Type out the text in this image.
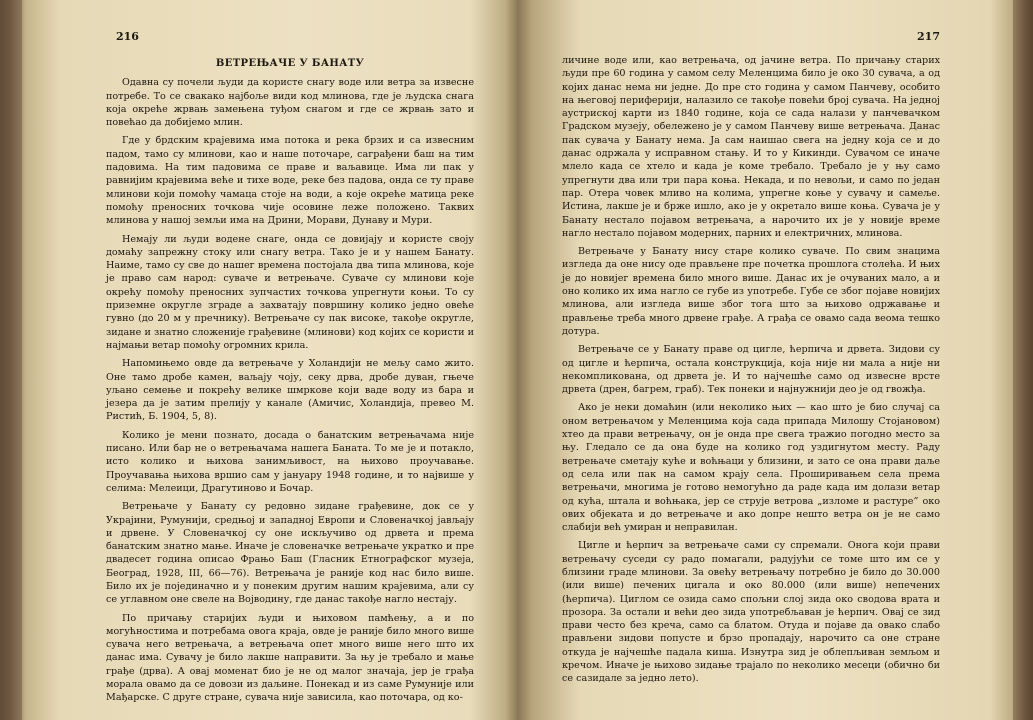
216
ВЕТРЕЊАЧЕ У БАНАТУ

Одавна су почели људи да користе снагу воде или ветра за извесне потребе. То се свакако најбоље види код млинова, где је људска снага која окреће жрвањ замењена туђом снагом и где се жрвањ зато и повећао да добијемо млин.

Где у брдским крајевима има потока и река брзих и са извесним падом, тамо су млинови, као и наше поточаре, саграђени баш на тим падовима. На тим падовима се праве и ваљавице. Има ли пак у равнијим крајевима веће и тихе воде, реке без падова, онда се ту праве млинови који помоћу чамаца стоје на води, а које окреће матица реке помоћу преносних точкова чије осовине леже положено. Таквих млинова у нашој земљи има на Дрини, Морави, Дунаву и Мури.

Немају ли људи водене снаге, онда се довијају и користе своју домаћу запрежну стоку или снагу ветра. Тако је и у нашем Банату. Наиме, тамо су све до нашег времена постојала два типа млинова, које је право сам народ: суваче и ветрењаче. Суваче су млинови које окрећу помоћу преносних зупчастих точкова упрегнути коњи. То су приземне округле зграде а захватају површину колико једно овеће гувно (до 20 м у пречнику). Ветрењаче су пак високе, такође округле, зидане и знатно сложеније грађевине (млинови) код којих се користи и најмањи ветар помоћу огромних крила.

Напомињемо овде да ветрењаче у Холандији не мељу само жито. Оне тамо дробе камен, ваљају чоју, секу дрва, дробе дуван, гњече уљано семење и покрећу велике шмркове који ваде воду из бара и језера да је затим прелију у канале (Амичис, Холандија, превео М. Ристић, Б. 1904, 5, 8).

Колико је мени познато, досада о банатским ветрењачама није писано. Или бар не о ветрењачама нашега Баната. То ме је и потакло, исто колико и њихова занимљивост, на њихово проучавање. Проучавања њихова вршио сам у јануару 1948 године, и то највише у селима: Мелеици, Драгутиново и Бочар.

Ветрењаче у Банату су редовно зидане грађевине, док се у Украјини, Румунији, средњој и западној Европи и Словеначкој јављају и дрвене. У Словеначкој су оне искључиво од дрвета и према банатским знатно мање. Иначе је словеначке ветрењаче укратко и пре двадесет година описао Фрањо Баш (Гласник Етнографског музеја, Београд, 1928, III, 66—76). Ветрењача је раније код нас било више. Било их је појединачно и у понеким другим нашим крајевима, али су се углавном оне свеле на Војводину, где данас такође нагло нестају.

По причању старијих људи и њиховом памћењу, а и по могућностима и потребама овога краја, овде је раније било много више сувача него ветрењача, а ветрењача опет много више него што их данас има. Сувачу је било лакше направити. За њу је требало и мање грађе (дрва). А овај моменат био је не од малог значаја, јер је грађа морала овамо да се довози из даљине. Понекад и из саме Румуније или Мађарске. С друге стране, сувача није зависила, као поточара, од ко-

217

личине воде или, као ветрењача, од јачине ветра. По причању старих људи пре 60 година у самом селу Меленцима било је око 30 сувача, а од којих данас нема ни једне. До пре сто година у самом Панчеву, особито на његовој периферији, налазило се такође повећи број сувача. На једној аустриској карти из 1840 године, која се сада налази у панчевачком Градском музеју, обележено је у самом Панчеву више ветрењача. Данас пак сувача у Банату нема. Ја сам наишао свега на једну која се и до данас одржала у исправном стању. И то у Кикинди. Сувачом се иначе млело када се хтело и када је коме требало. Требало је у њу само упрегнути два или три пара коња. Некада, и по невољи, и само по један пар. Отера човек мливо на колима, упрегне коње у сувачу и самеље. Истина, лакше је и брже ишло, ако је у окретало више коња. Сувача је у Банату нестало појавом ветрењача, а нарочито их је у новије време нагло нестало појавом модерних, парних и електричних, млинова.

Ветрењаче у Банату нису старе колико суваче. По свим знацима изгледа да оне нису оде прављене пре почетка прошлога столећа. И њих је до новијег времена било много више. Данас их је очуваних мало, а и оно колико их има нагло се губе из употребе. Губе се због појаве новијих млинова, али изгледа више због тога што за њихово одржавање и прављење треба много дрвене грађе. А грађа се овамо сада веома тешко дотура.

Ветрењаче се у Банату праве од цигле, ћерпича и дрвета. Зидови су од цигле и ћерпича, остала конструкција, која није ни мала а није ни некомпликована, од дрвета је. И то најчешће само од извесне врсте дрвета (дрен, багрем, граб). Тек понеки и најнужнији део је од гвожђа.

Ако је неки домаћин (или неколико њих — као што је био случај са оном ветрењачом у Меленцима која сада припада Милошу Стојановом) хтео да прави ветрењачу, он је онда пре свега тражио погодно место за њу. Гледало се да она буде на колико год уздигнутом месту. Раду ветрењаче сметају куће и воћњаци у близини, и зато се она прави даље од села или пак на самом крају села. Проширивањем села према ветрењачи, многима је готово немогућно да раде када им долази ветар од кућа, штала и воћњака, јер се струје ветрова „изломе и растуре” око ових објеката и до ветрењаче и ако допре нешто ветра он је не само слабији већ умиран и неправилан.

Цигле и ћерпич за ветрењаче сами су спремали. Онога који прави ветрењачу суседи су радо помагали, радујући се томе што им се у близини граде млинови. За овећу ветрењачу потребно је било до 30.000 (или више) печених цигала и око 80.000 (или више) непечених (ћерпича). Циглом се озида само спољни слој зида око сводова врата и прозора. За остали и већи део зида употребљаван је ћерпич. Овај се зид прави често без креча, само са блатом. Отуда и појаве да овако слабо прављени зидови попусте и брзо пропадају, нарочито са оне стране откуда је најчешће падала киша. Изнутра зид је облепљиван земљом и кречом. Иначе је њихово зидање трајало по неколико месеци (обично би се сазидале за једно лето).
